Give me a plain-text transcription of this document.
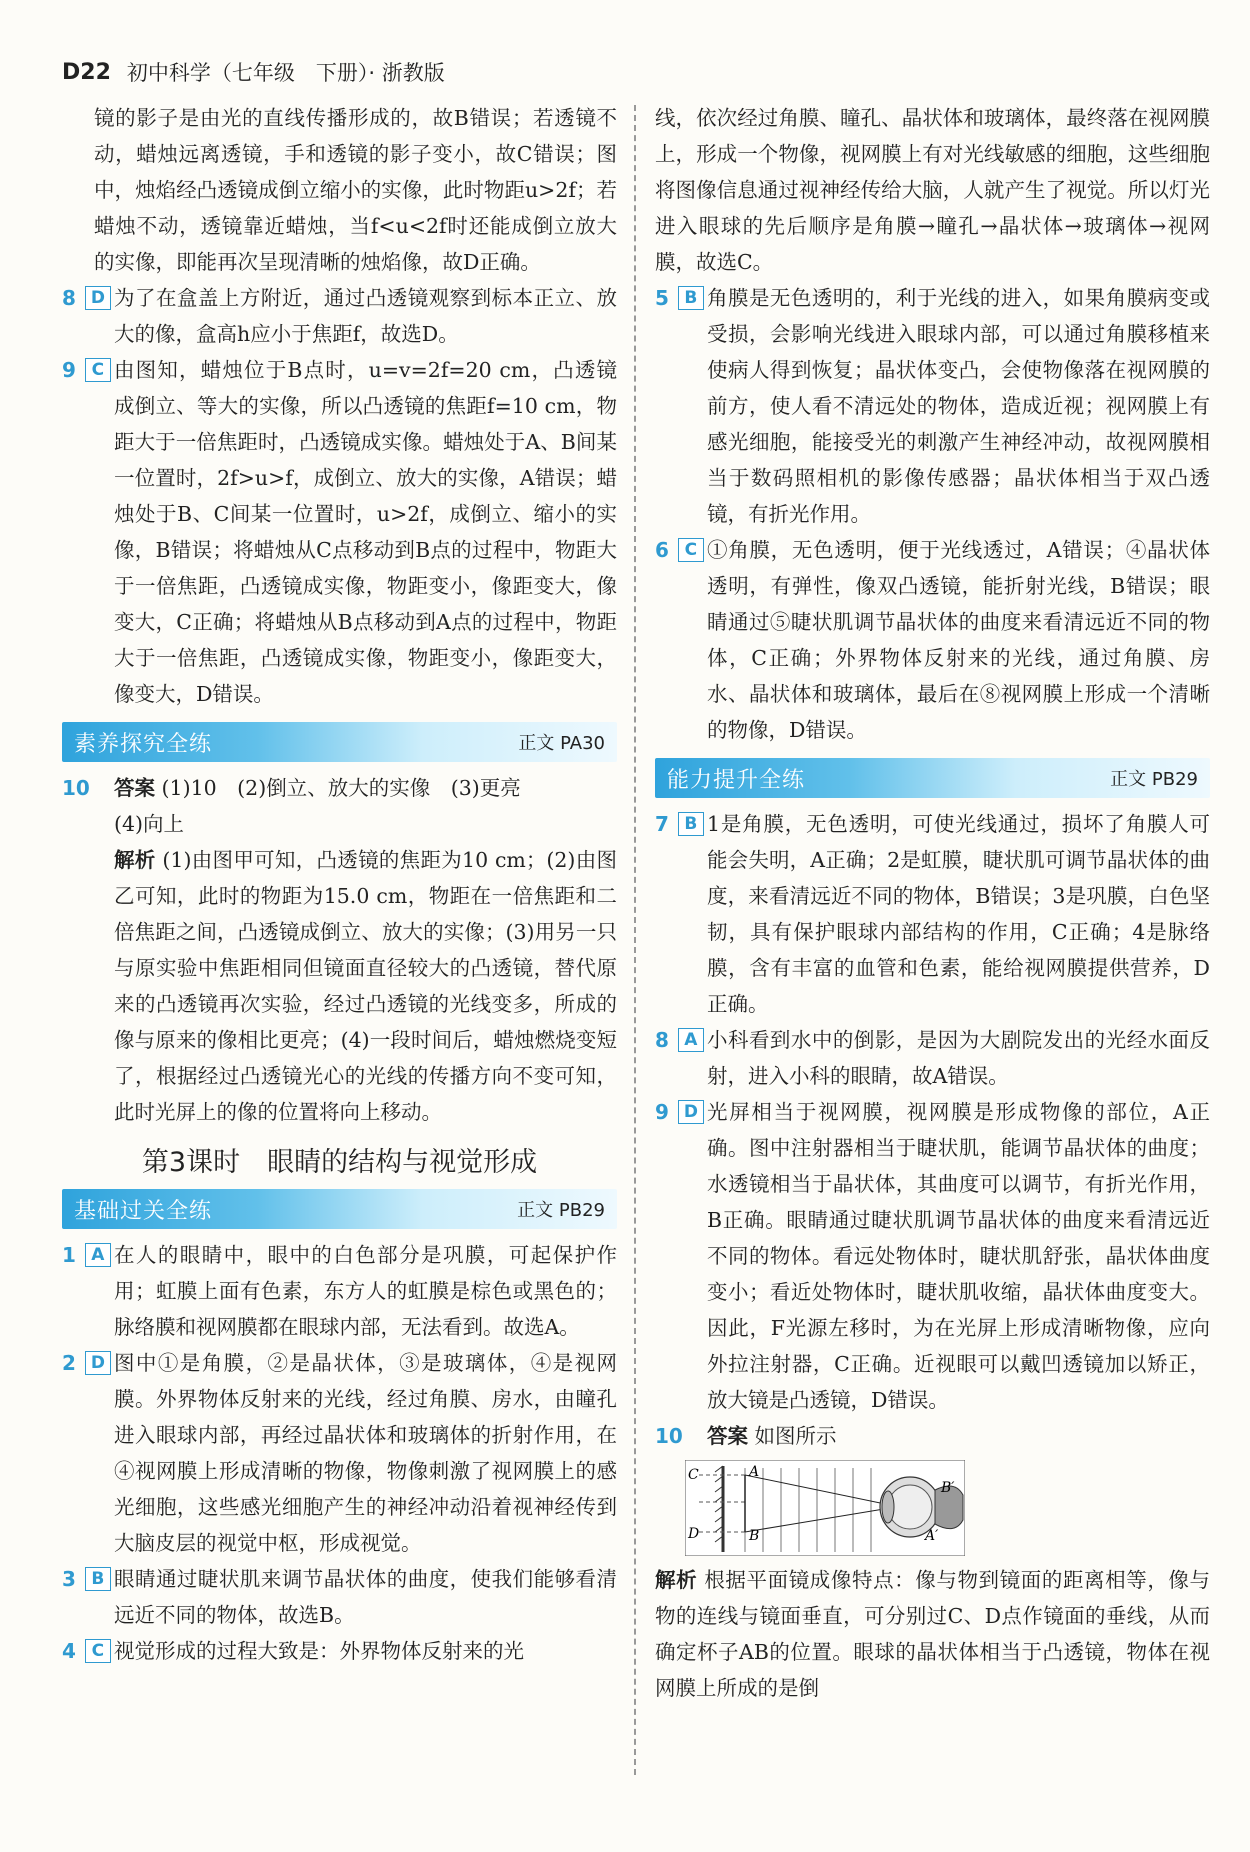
D22 初中科学（七年级　下册）· 浙教版

镜的影子是由光的直线传播形成的，故B错误；若透镜不动，蜡烛远离透镜，手和透镜的影子变小，故C错误；图中，烛焰经凸透镜成倒立缩小的实像，此时物距u>2f；若蜡烛不动，透镜靠近蜡烛，当f<u<2f时还能成倒立放大的实像，即能再次呈现清晰的烛焰像，故D正确。

8 D 为了在盒盖上方附近，通过凸透镜观察到标本正立、放大的像，盒高h应小于焦距f，故选D。
9 C 由图知，蜡烛位于B点时，u=v=2f=20 cm，凸透镜成倒立、等大的实像，所以凸透镜的焦距f=10 cm，物距大于一倍焦距时，凸透镜成实像。蜡烛处于A、B间某一位置时，2f>u>f，成倒立、放大的实像，A错误；蜡烛处于B、C间某一位置时，u>2f，成倒立、缩小的实像，B错误；将蜡烛从C点移动到B点的过程中，物距大于一倍焦距，凸透镜成实像，物距变小，像距变大，像变大，C正确；将蜡烛从B点移动到A点的过程中，物距大于一倍焦距，凸透镜成实像，物距变小，像距变大，像变大，D错误。
素养探究全练	正文 PA30
10 答案 (1)10　(2)倒立、放大的实像　(3)更亮
(4)向上
解析 (1)由图甲可知，凸透镜的焦距为10 cm；(2)由图乙可知，此时的物距为15.0 cm，物距在一倍焦距和二倍焦距之间，凸透镜成倒立、放大的实像；(3)用另一只与原实验中焦距相同但镜面直径较大的凸透镜，替代原来的凸透镜再次实验，经过凸透镜的光线变多，所成的像与原来的像相比更亮；(4)一段时间后，蜡烛燃烧变短了，根据经过凸透镜光心的光线的传播方向不变可知，此时光屏上的像的位置将向上移动。
第3课时　眼睛的结构与视觉形成
基础过关全练	正文 PB29
1 A 在人的眼睛中，眼中的白色部分是巩膜，可起保护作用；虹膜上面有色素，东方人的虹膜是棕色或黑色的；脉络膜和视网膜都在眼球内部，无法看到。故选A。
2 D 图中①是角膜，②是晶状体，③是玻璃体，④是视网膜。外界物体反射来的光线，经过角膜、房水，由瞳孔进入眼球内部，再经过晶状体和玻璃体的折射作用，在④视网膜上形成清晰的物像，物像刺激了视网膜上的感光细胞，这些感光细胞产生的神经冲动沿着视神经传到大脑皮层的视觉中枢，形成视觉。
3 B 眼睛通过睫状肌来调节晶状体的曲度，使我们能够看清远近不同的物体，故选B。
4 C 视觉形成的过程大致是：外界物体反射来的光

线，依次经过角膜、瞳孔、晶状体和玻璃体，最终落在视网膜上，形成一个物像，视网膜上有对光线敏感的细胞，这些细胞将图像信息通过视神经传给大脑，人就产生了视觉。所以灯光进入眼球的先后顺序是角膜→瞳孔→晶状体→玻璃体→视网膜，故选C。

5 B 角膜是无色透明的，利于光线的进入，如果角膜病变或受损，会影响光线进入眼球内部，可以通过角膜移植来使病人得到恢复；晶状体变凸，会使物像落在视网膜的前方，使人看不清远处的物体，造成近视；视网膜上有感光细胞，能接受光的刺激产生神经冲动，故视网膜相当于数码照相机的影像传感器；晶状体相当于双凸透镜，有折光作用。
6 C ①角膜，无色透明，便于光线透过，A错误；④晶状体透明，有弹性，像双凸透镜，能折射光线，B错误；眼睛通过⑤睫状肌调节晶状体的曲度来看清远近不同的物体，C正确；外界物体反射来的光线，通过角膜、房水、晶状体和玻璃体，最后在⑧视网膜上形成一个清晰的物像，D错误。
能力提升全练	正文 PB29
7 B 1是角膜，无色透明，可使光线通过，损坏了角膜人可能会失明，A正确；2是虹膜，睫状肌可调节晶状体的曲度，来看清远近不同的物体，B错误；3是巩膜，白色坚韧，具有保护眼球内部结构的作用，C正确；4是脉络膜，含有丰富的血管和色素，能给视网膜提供营养，D正确。
8 A 小科看到水中的倒影，是因为大剧院发出的光经水面反射，进入小科的眼睛，故A错误。
9 D 光屏相当于视网膜，视网膜是形成物像的部位，A正确。图中注射器相当于睫状肌，能调节晶状体的曲度；水透镜相当于晶状体，其曲度可以调节，有折光作用，B正确。眼睛通过睫状肌调节晶状体的曲度来看清远近不同的物体。看远处物体时，睫状肌舒张，晶状体曲度变小；看近处物体时，睫状肌收缩，晶状体曲度变大。因此，F光源左移时，为在光屏上形成清晰物像，应向外拉注射器，C正确。近视眼可以戴凹透镜加以矫正，放大镜是凸透镜，D错误。
10 答案 如图所示
C
D
A
B
B′
A′
解析 根据平面镜成像特点：像与物到镜面的距离相等，像与物的连线与镜面垂直，可分别过C、D点作镜面的垂线，从而确定杯子AB的位置。眼球的晶状体相当于凸透镜，物体在视网膜上所成的是倒
